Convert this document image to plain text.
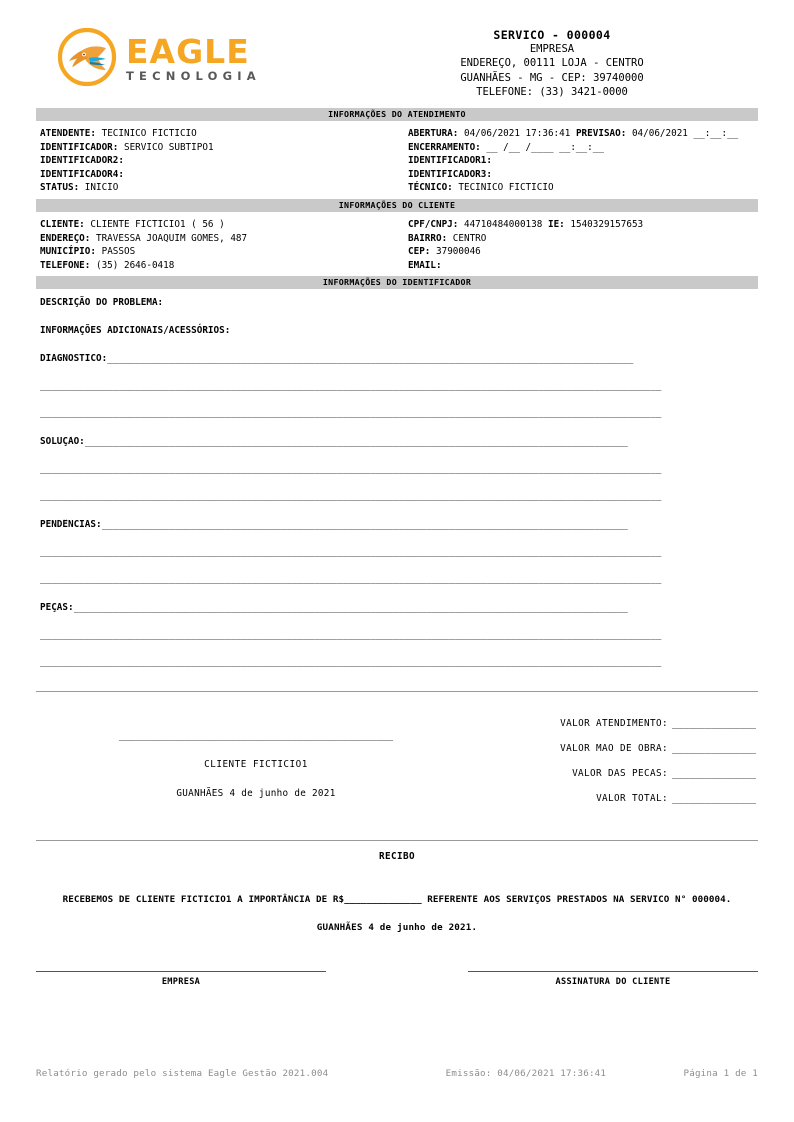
EAGLE
TECNOLOGIA
SERVICO - 000004
EMPRESA
ENDEREÇO, 00111 LOJA - CENTRO
GUANHÃES - MG - CEP: 39740000
TELEFONE: (33) 3421-0000
INFORMAÇÕES DO ATENDIMENTO
ATENDENTE: TECINICO FICTICIO
IDENTIFICADOR: SERVICO SUBTIPO1
IDENTIFICADOR2:
IDENTIFICADOR4:
STATUS: INICIO
ABERTURA: 04/06/2021 17:36:41 PREVISAO: 04/06/2021 __:__:__
ENCERRAMENTO: __ /__ /____ __:__:__
IDENTIFICADOR1:
IDENTIFICADOR3:
TÉCNICO: TECINICO FICTICIO
INFORMAÇÕES DO CLIENTE
CLIENTE: CLIENTE FICTICIO1 ( 56 )
ENDEREÇO: TRAVESSA JOAQUIM GOMES, 487
MUNICÍPIO: PASSOS
TELEFONE: (35) 2646-0418
CPF/CNPJ: 44710484000138 IE: 1540329157653
BAIRRO: CENTRO
CEP: 37900046
EMAIL:
INFORMAÇÕES DO IDENTIFICADOR
DESCRIÇÃO DO PROBLEMA:
INFORMAÇÕES ADICIONAIS/ACESSÓRIOS:
DIAGNÓSTICO: ______________________________________________________________________________________________
_______________________________________________________________________________________________________________
_______________________________________________________________________________________________________________
SOLUÇÃO: _________________________________________________________________________________________________
_______________________________________________________________________________________________________________
_______________________________________________________________________________________________________________
PENDÊNCIAS: ______________________________________________________________________________________________
_______________________________________________________________________________________________________________
_______________________________________________________________________________________________________________
PEÇAS: ___________________________________________________________________________________________________
_______________________________________________________________________________________________________________
_______________________________________________________________________________________________________________
_________________________________________________
CLIENTE FICTICIO1
GUANHÃES 4 de junho de 2021
VALOR ATENDIMENTO: _______________
VALOR MAO DE OBRA: _______________
VALOR DAS PECAS: _______________
VALOR TOTAL: _______________
RECIBO
RECEBEMOS DE CLIENTE FICTICIO1 A IMPORTÂNCIA DE R$______________ REFERENTE AOS SERVIÇOS PRESTADOS NA SERVICO N° 000004.
GUANHÃES 4 de junho de 2021.
EMPRESA	ASSINATURA DO CLIENTE
Relatório gerado pelo sistema Eagle Gestão 2021.004	Emissão: 04/06/2021 17:36:41	Página 1 de 1
